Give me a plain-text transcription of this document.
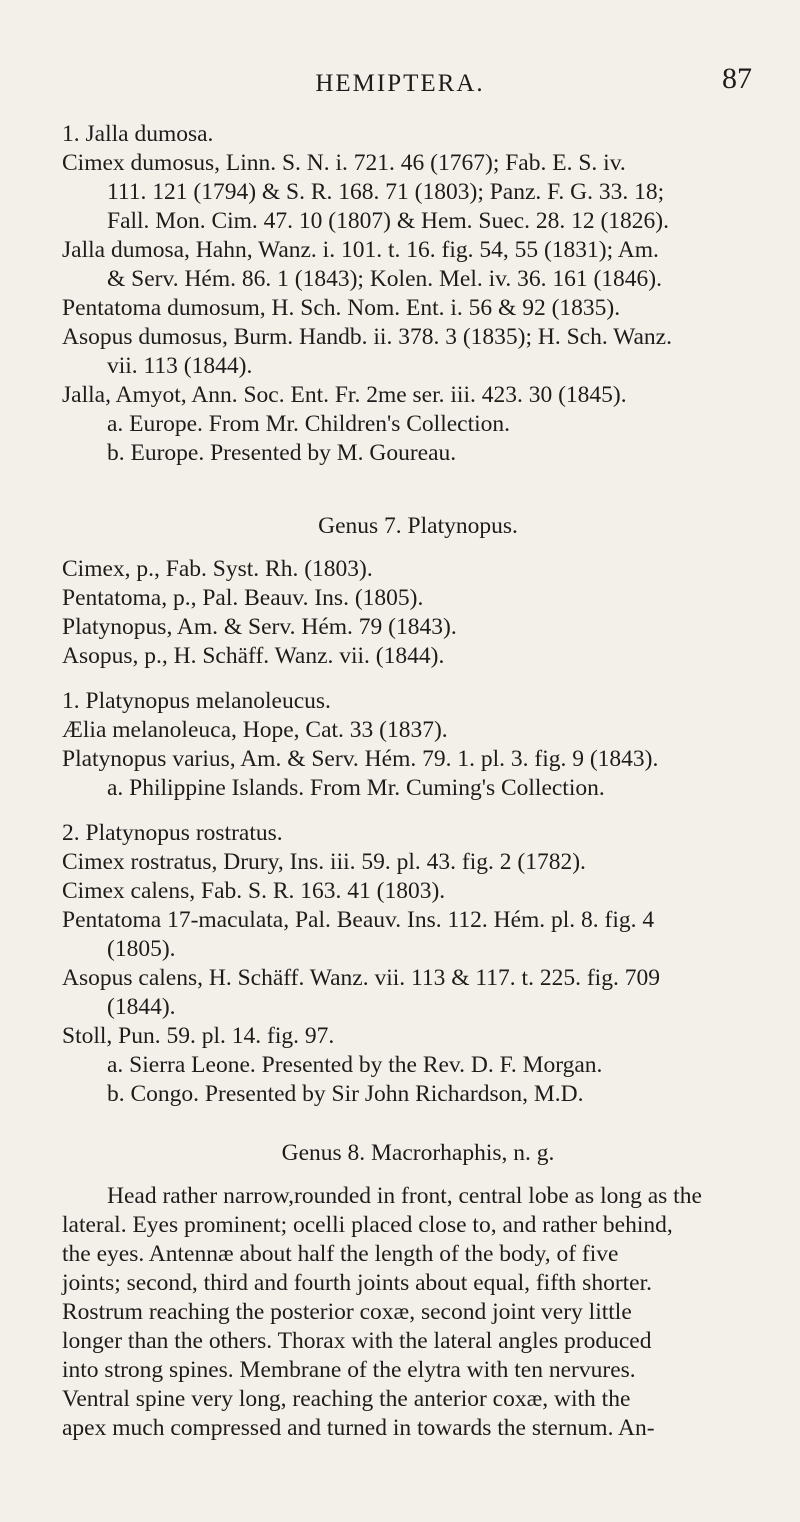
HEMIPTERA.	87
1. Jalla dumosa.
Cimex dumosus, Linn. S. N. i. 721. 46 (1767); Fab. E. S. iv.
111. 121 (1794) & S. R. 168. 71 (1803); Panz. F. G. 33. 18;
Fall. Mon. Cim. 47. 10 (1807) & Hem. Suec. 28. 12 (1826).
Jalla dumosa, Hahn, Wanz. i. 101. t. 16. fig. 54, 55 (1831); Am.
& Serv. Hém. 86. 1 (1843); Kolen. Mel. iv. 36. 161 (1846).
Pentatoma dumosum, H. Sch. Nom. Ent. i. 56 & 92 (1835).
Asopus dumosus, Burm. Handb. ii. 378. 3 (1835); H. Sch. Wanz.
vii. 113 (1844).
Jalla, Amyot, Ann. Soc. Ent. Fr. 2me ser. iii. 423. 30 (1845).
a. Europe. From Mr. Children's Collection.
b. Europe. Presented by M. Goureau.
Genus 7. Platynopus.
Cimex, p., Fab. Syst. Rh. (1803).
Pentatoma, p., Pal. Beauv. Ins. (1805).
Platynopus, Am. & Serv. Hém. 79 (1843).
Asopus, p., H. Schäff. Wanz. vii. (1844).
1. Platynopus melanoleucus.
Ælia melanoleuca, Hope, Cat. 33 (1837).
Platynopus varius, Am. & Serv. Hém. 79. 1. pl. 3. fig. 9 (1843).
a. Philippine Islands. From Mr. Cuming's Collection.
2. Platynopus rostratus.
Cimex rostratus, Drury, Ins. iii. 59. pl. 43. fig. 2 (1782).
Cimex calens, Fab. S. R. 163. 41 (1803).
Pentatoma 17-maculata, Pal. Beauv. Ins. 112. Hém. pl. 8. fig. 4
(1805).
Asopus calens, H. Schäff. Wanz. vii. 113 & 117. t. 225. fig. 709
(1844).
Stoll, Pun. 59. pl. 14. fig. 97.
a. Sierra Leone. Presented by the Rev. D. F. Morgan.
b. Congo. Presented by Sir John Richardson, M.D.
Genus 8. Macrorhaphis, n. g.
Head rather narrow,rounded in front, central lobe as long as the
lateral. Eyes prominent; ocelli placed close to, and rather behind,
the eyes. Antennæ about half the length of the body, of five
joints; second, third and fourth joints about equal, fifth shorter.
Rostrum reaching the posterior coxæ, second joint very little
longer than the others. Thorax with the lateral angles produced
into strong spines. Membrane of the elytra with ten nervures.
Ventral spine very long, reaching the anterior coxæ, with the
apex much compressed and turned in towards the sternum. An-
